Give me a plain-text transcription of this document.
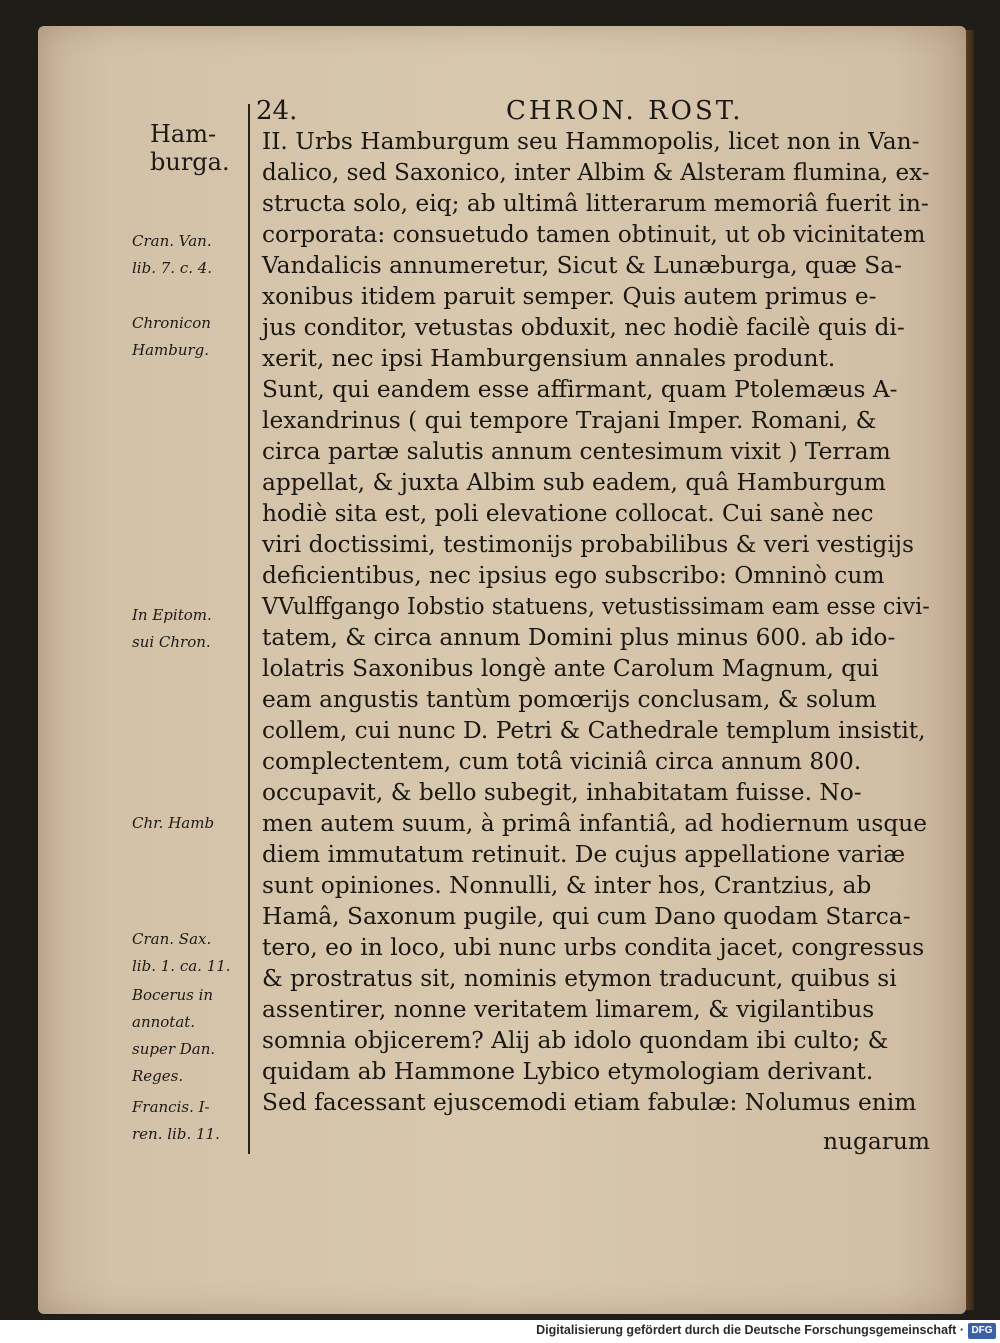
24.	CHRON. ROST.
Ham-
burga.
Cran. Van.
lib. 7. c. 4.
Chronicon
Hamburg.
In Epitom.
sui Chron.
Chr. Hamb
Cran. Sax.
lib. 1. ca. 11.
Bocerus in
annotat.
super Dan.
Reges.
Francis. I-
ren. lib. 11.
II. Urbs Hamburgum seu Hammopolis, licet non in Van-
dalico, sed Saxonico, inter Albim & Alsteram flumina, ex-
structa solo, eiq; ab ultimâ litterarum memoriâ fuerit in-
corporata: consuetudo tamen obtinuit, ut ob vicinitatem
Vandalicis annumeretur, Sicut & Lunæburga, quæ Sa-
xonibus itidem paruit semper. Quis autem primus e-
jus conditor, vetustas obduxit, nec hodiè facilè quis di-
xerit, nec ipsi Hamburgensium annales produnt.
Sunt, qui eandem esse affirmant, quam Ptolemæus A-
lexandrinus ( qui tempore Trajani Imper. Romani, &
circa partæ salutis annum centesimum vixit ) Terram
appellat, & juxta Albim sub eadem, quâ Hamburgum
hodiè sita est, poli elevatione collocat. Cui sanè nec
viri doctissimi, testimonijs probabilibus & veri vestigijs
deficientibus, nec ipsius ego subscribo: Omninò cum
VVulffgango Iobstio statuens, vetustissimam eam esse civi-
tatem, & circa annum Domini plus minus 600. ab ido-
lolatris Saxonibus longè ante Carolum Magnum, qui
eam angustis tantùm pomœrijs conclusam, & solum
collem, cui nunc D. Petri & Cathedrale templum insistit,
complectentem, cum totâ viciniâ circa annum 800.
occupavit, & bello subegit, inhabitatam fuisse. No-
men autem suum, à primâ infantiâ, ad hodiernum usque
diem immutatum retinuit. De cujus appellatione variæ
sunt opiniones. Nonnulli, & inter hos, Crantzius, ab
Hamâ, Saxonum pugile, qui cum Dano quodam Starca-
tero, eo in loco, ubi nunc urbs condita jacet, congressus
& prostratus sit, nominis etymon traducunt, quibus si
assentirer, nonne veritatem limarem, & vigilantibus
somnia objicerem? Alij ab idolo quondam ibi culto; &
quidam ab Hammone Lybico etymologiam derivant.
Sed facessant ejuscemodi etiam fabulæ: Nolumus enim
nugarum
Digitalisierung gefördert durch die Deutsche Forschungsgemeinschaft · DFG
